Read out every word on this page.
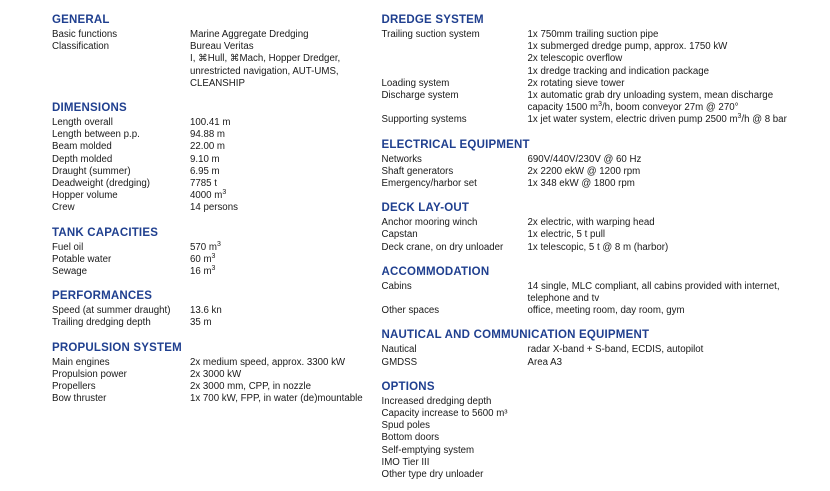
GENERAL
Basic functions	Marine Aggregate Dredging
Classification	Bureau Veritas
	I, ⌘Hull, ⌘Mach, Hopper Dredger,
	unrestricted navigation, AUT-UMS,
	CLEANSHIP
DIMENSIONS
Length overall	100.41 m
Length between p.p.	94.88 m
Beam molded	22.00 m
Depth molded	9.10 m
Draught (summer)	6.95 m
Deadweight (dredging)	7785 t
Hopper volume	4000 $m^3$
Crew	14 persons
TANK CAPACITIES
Fuel oil	570 $m^3$
Potable water	60 $m^3$
Sewage	16 $m^3$
PERFORMANCES
Speed (at summer draught)	13.6 kn
Trailing dredging depth	35 m
PROPULSION SYSTEM
Main engines	2x medium speed, approx. 3300 kW
Propulsion power	2x 3000 kW
Propellers	2x 3000 mm, CPP, in nozzle
Bow thruster	1x 700 kW, FPP, in water (de)mountable
DREDGE SYSTEM
Trailing suction system	1x 750mm trailing suction pipe
	1x submerged dredge pump, approx. 1750 kW
	2x telescopic overflow
	1x dredge tracking and indication package
Loading system	2x rotating sieve tower
Discharge system	1x automatic grab dry unloading system, mean discharge
	capacity 1500 $m^3/h$, boom conveyor 27m @ 270°
Supporting systems	1x jet water system, electric driven pump 2500 $m^3/h$ @ 8 bar
ELECTRICAL EQUIPMENT
Networks	690V/440V/230V @ 60 Hz
Shaft generators	2x 2200 ekW @ 1200 rpm
Emergency/harbor set	1x 348 ekW @ 1800 rpm
DECK LAY-OUT
Anchor mooring winch	2x electric, with warping head
Capstan	1x electric, 5 t pull
Deck crane, on dry unloader	1x telescopic, 5 t @ 8 m (harbor)
ACCOMMODATION
Cabins	14 single, MLC compliant, all cabins provided with internet,
	telephone and tv
Other spaces	office, meeting room, day room, gym
NAUTICAL AND COMMUNICATION EQUIPMENT
Nautical	radar X-band + S-band, ECDIS, autopilot
GMDSS	Area A3
OPTIONS
Increased dredging depth
Capacity increase to 5600 m³
Spud poles
Bottom doors
Self-emptying system
IMO Tier III
Other type dry unloader
